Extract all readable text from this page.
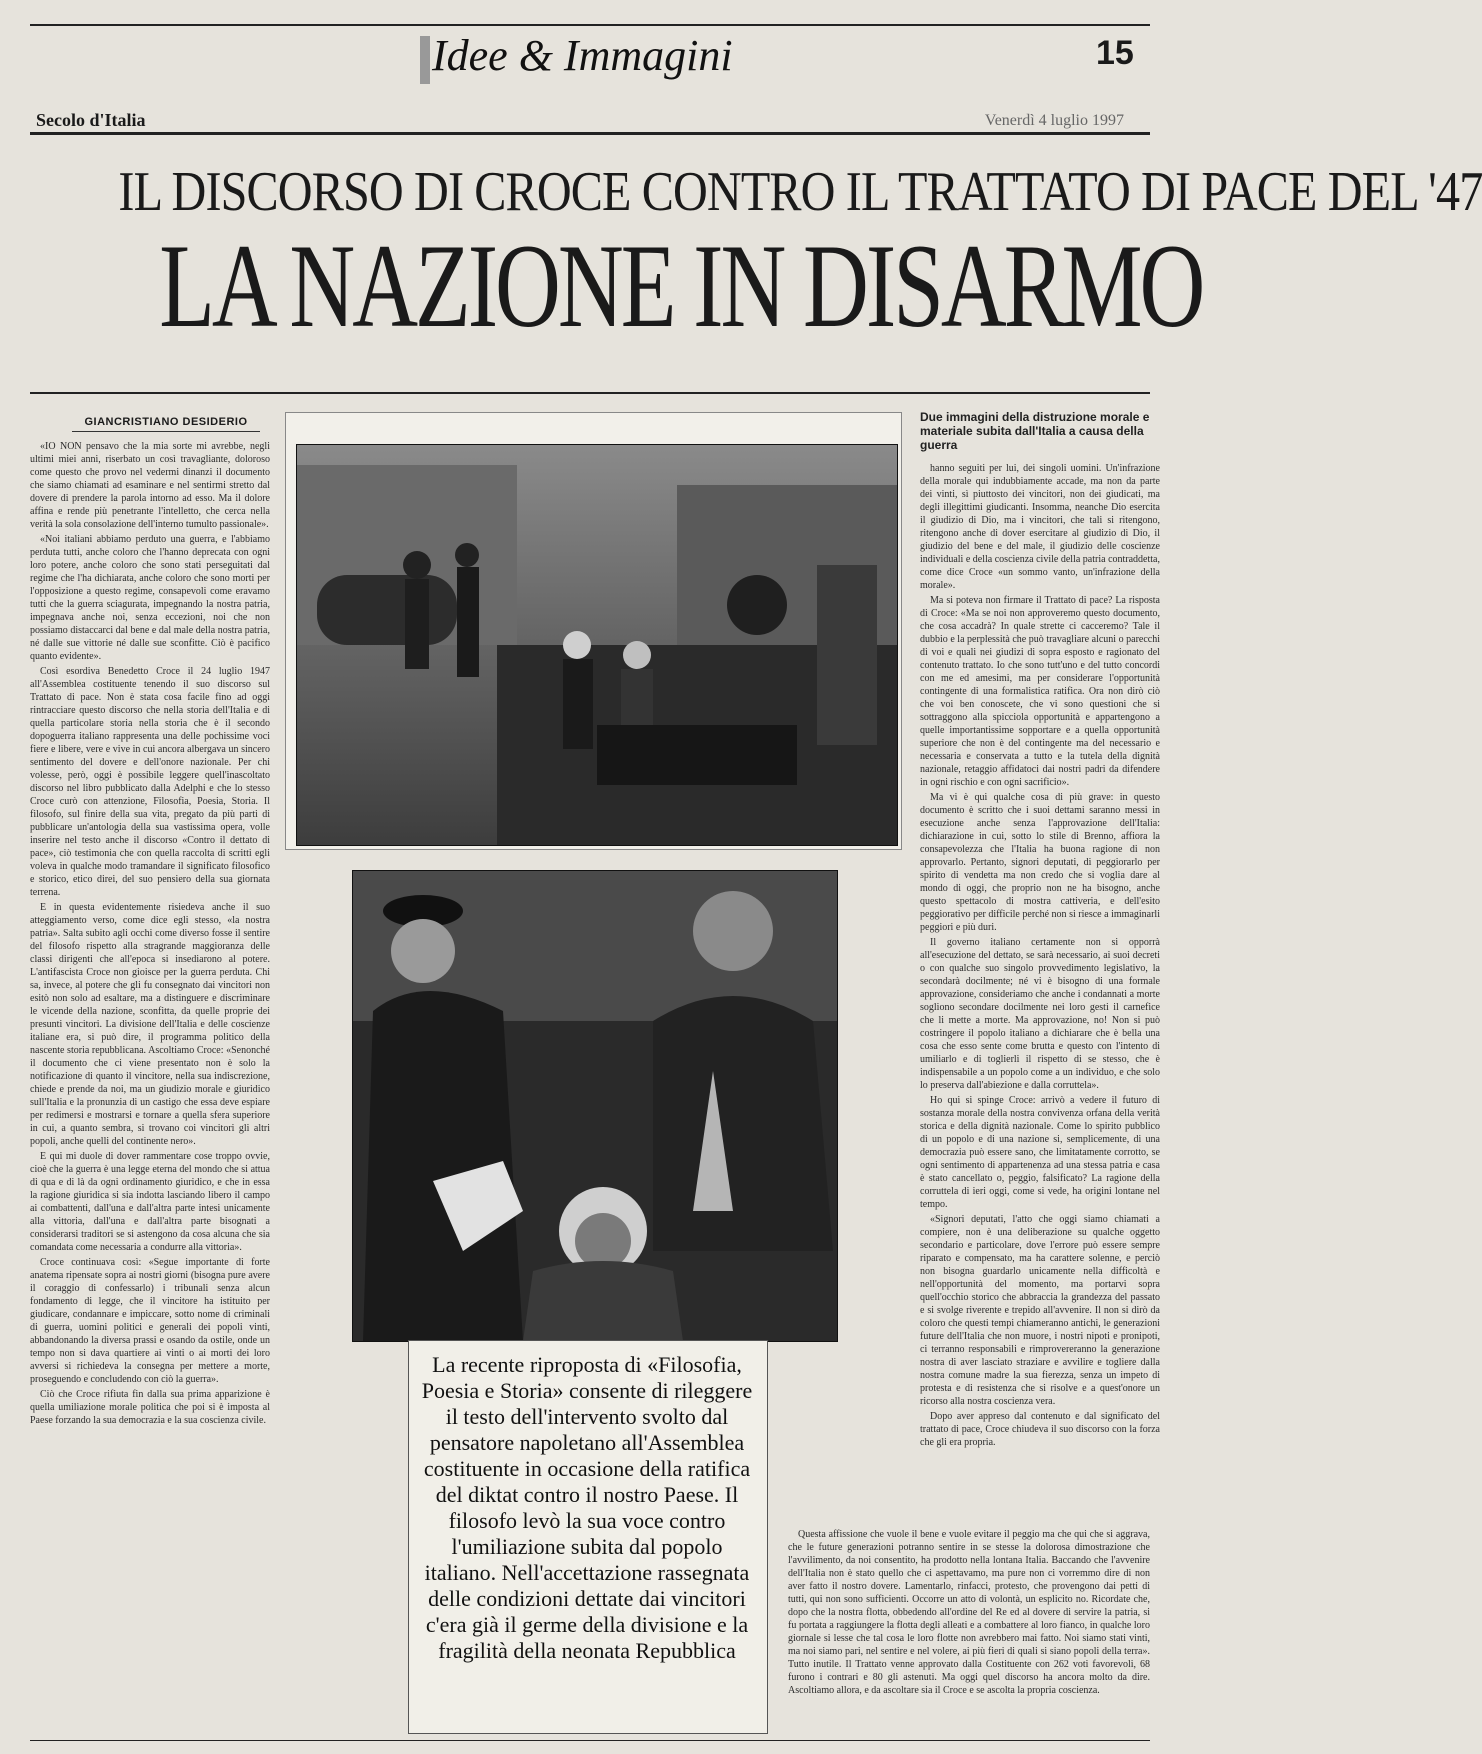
Idee & Immagini	15
Secolo d'Italia	Venerdì 4 luglio 1997
IL DISCORSO DI CROCE CONTRO IL TRATTATO DI PACE DEL '47
LA NAZIONE IN DISARMO
GIANCRISTIANO DESIDERIO

«IO NON pensavo che la mia sorte mi avrebbe, negli ultimi miei anni, riserbato un così travagliante, doloroso come questo che provo nel vedermi dinanzi il documento che siamo chiamati ad esaminare e nel sentirmi stretto dal dovere di prendere la parola intorno ad esso. Ma il dolore affina e rende più penetrante l'intelletto, che cerca nella verità la sola consolazione dell'interno tumulto passionale».

«Noi italiani abbiamo perduto una guerra, e l'abbiamo perduta tutti, anche coloro che l'hanno deprecata con ogni loro potere, anche coloro che sono stati perseguitati dal regime che l'ha dichiarata, anche coloro che sono morti per l'opposizione a questo regime, consapevoli come eravamo tutti che la guerra sciagurata, impegnando la nostra patria, impegnava anche noi, senza eccezioni, noi che non possiamo distaccarci dal bene e dal male della nostra patria, né dalle sue vittorie né dalle sue sconfitte. Ciò è pacifico quanto evidente».

Così esordiva Benedetto Croce il 24 luglio 1947 all'Assemblea costituente tenendo il suo discorso sul Trattato di pace. Non è stata cosa facile fino ad oggi rintracciare questo discorso che nella storia dell'Italia e di quella particolare storia nella storia che è il secondo dopoguerra italiano rappresenta una delle pochissime voci fiere e libere, vere e vive in cui ancora albergava un sincero sentimento del dovere e dell'onore nazionale. Per chi volesse, però, oggi è possibile leggere quell'inascoltato discorso nel libro pubblicato dalla Adelphi e che lo stesso Croce curò con attenzione, Filosofia, Poesia, Storia. Il filosofo, sul finire della sua vita, pregato da più parti di pubblicare un'antologia della sua vastissima opera, volle inserire nel testo anche il discorso «Contro il dettato di pace», ciò testimonia che con quella raccolta di scritti egli voleva in qualche modo tramandare il significato filosofico e storico, etico direi, del suo pensiero della sua giornata terrena.

E in questa evidentemente risiedeva anche il suo atteggiamento verso, come dice egli stesso, «la nostra patria». Salta subito agli occhi come diverso fosse il sentire del filosofo rispetto alla stragrande maggioranza delle classi dirigenti che all'epoca si insediarono al potere. L'antifascista Croce non gioisce per la guerra perduta. Chi sa, invece, al potere che gli fu consegnato dai vincitori non esitò non solo ad esaltare, ma a distinguere e discriminare le vicende della nazione, sconfitta, da quelle proprie dei presunti vincitori. La divisione dell'Italia e delle coscienze italiane era, si può dire, il programma politico della nascente storia repubblicana. Ascoltiamo Croce: «Senonché il documento che ci viene presentato non è solo la notificazione di quanto il vincitore, nella sua indiscrezione, chiede e prende da noi, ma un giudizio morale e giuridico sull'Italia e la pronunzia di un castigo che essa deve espiare per redimersi e mostrarsi e tornare a quella sfera superiore in cui, a quanto sembra, si trovano coi vincitori gli altri popoli, anche quelli del continente nero».

E qui mi duole di dover rammentare cose troppo ovvie, cioè che la guerra è una legge eterna del mondo che si attua di qua e di là da ogni ordinamento giuridico, e che in essa la ragione giuridica si sia indotta lasciando libero il campo ai combattenti, dall'una e dall'altra parte intesi unicamente alla vittoria, dall'una e dall'altra parte bisognati a considerarsi traditori se si astengono da cosa alcuna che sia comandata come necessaria a condurre alla vittoria».

Croce continuava così: «Segue importante di forte anatema ripensate sopra ai nostri giorni (bisogna pure avere il coraggio di confessarlo) i tribunali senza alcun fondamento di legge, che il vincitore ha istituito per giudicare, condannare e impiccare, sotto nome di criminali di guerra, uomini politici e generali dei popoli vinti, abbandonando la diversa prassi e osando da ostile, onde un tempo non si dava quartiere ai vinti o ai morti dei loro avversi si richiedeva la consegna per mettere a morte, proseguendo e concludendo con ciò la guerra».

Ciò che Croce rifiuta fin dalla sua prima apparizione è quella umiliazione morale politica che poi si è imposta al Paese forzando la sua democrazia e la sua coscienza civile.

Due immagini della distruzione morale e materiale subita dall'Italia a causa della guerra

hanno seguiti per lui, dei singoli uomini. Un'infrazione della morale qui indubbiamente accade, ma non da parte dei vinti, sì piuttosto dei vincitori, non dei giudicati, ma degli illegittimi giudicanti. Insomma, neanche Dio esercita il giudizio di Dio, ma i vincitori, che tali si ritengono, ritengono anche di dover esercitare al giudizio di Dio, il giudizio del bene e del male, il giudizio delle coscienze individuali e della coscienza civile della patria contraddetta, come dice Croce «un sommo vanto, un'infrazione della morale».

Ma si poteva non firmare il Trattato di pace? La risposta di Croce: «Ma se noi non approveremo questo documento, che cosa accadrà? In quale strette ci cacceremo? Tale il dubbio e la perplessità che può travagliare alcuni o parecchi di voi e quali nei giudizi di sopra esposto e ragionato del contenuto trattato. Io che sono tutt'uno e del tutto concordi con me ed amesimi, ma per considerare l'opportunità contingente di una formalistica ratifica. Ora non dirò ciò che voi ben conoscete, che vi sono questioni che si sottraggono alla spicciola opportunità e appartengono a quelle importantissime sopportare e a quella opportunità superiore che non è del contingente ma del necessario e necessaria e conservata a tutto e la tutela della dignità nazionale, retaggio affidatoci dai nostri padri da difendere in ogni rischio e con ogni sacrificio».

Ma vi è qui qualche cosa di più grave: in questo documento è scritto che i suoi dettami saranno messi in esecuzione anche senza l'approvazione dell'Italia: dichiarazione in cui, sotto lo stile di Brenno, affiora la consapevolezza che l'Italia ha buona ragione di non approvarlo. Pertanto, signori deputati, di peggiorarlo per spirito di vendetta ma non credo che si voglia dare al mondo di oggi, che proprio non ne ha bisogno, anche questo spettacolo di mostra cattiveria, e dell'esito peggiorativo per difficile perché non si riesce a immaginarli peggiori e più duri.

Il governo italiano certamente non si opporrà all'esecuzione del dettato, se sarà necessario, ai suoi decreti o con qualche suo singolo provvedimento legislativo, la secondarà docilmente; né vi è bisogno di una formale approvazione, consideriamo che anche i condannati a morte sogliono secondare docilmente nei loro gesti il carnefice che li mette a morte. Ma approvazione, no! Non si può costringere il popolo italiano a dichiarare che è bella una cosa che esso sente come brutta e questo con l'intento di umiliarlo e di toglierli il rispetto di se stesso, che è indispensabile a un popolo come a un individuo, e che solo lo preserva dall'abiezione e dalla corruttela».

Ho qui si spinge Croce: arrivò a vedere il futuro di sostanza morale della nostra convivenza orfana della verità storica e della dignità nazionale. Come lo spirito pubblico di un popolo e di una nazione si, semplicemente, di una democrazia può essere sano, che limitatamente corrotto, se ogni sentimento di appartenenza ad una stessa patria e casa è stato cancellato o, peggio, falsificato? La ragione della corruttela di ieri oggi, come si vede, ha origini lontane nel tempo.

«Signori deputati, l'atto che oggi siamo chiamati a compiere, non è una deliberazione su qualche oggetto secondario e particolare, dove l'errore può essere sempre riparato e compensato, ma ha carattere solenne, e perciò non bisogna guardarlo unicamente nella difficoltà e nell'opportunità del momento, ma portarvi sopra quell'occhio storico che abbraccia la grandezza del passato e si svolge riverente e trepido all'avvenire. Il non si dirò da coloro che questi tempi chiameranno antichi, le generazioni future dell'Italia che non muore, i nostri nipoti e pronipoti, ci terranno responsabili e rimprovereranno la generazione nostra di aver lasciato straziare e avvilire e togliere dalla nostra comune madre la sua fierezza, senza un impeto di protesta e di resistenza che si risolve e a quest'onore un ricorso alla nostra coscienza vera.

Dopo aver appreso dal contenuto e dal significato del trattato di pace, Croce chiudeva il suo discorso con la forza che gli era propria.

La recente riproposta di «Filosofia, Poesia e Storia» consente di rileggere il testo dell'intervento svolto dal pensatore napoletano all'Assemblea costituente in occasione della ratifica del diktat contro il nostro Paese. Il filosofo levò la sua voce contro l'umiliazione subita dal popolo italiano. Nell'accettazione rassegnata delle condizioni dettate dai vincitori c'era già il germe della divisione e la fragilità della neonata Repubblica

Questa affissione che vuole il bene e vuole evitare il peggio ma che qui che si aggrava, che le future generazioni potranno sentire in se stesse la dolorosa dimostrazione che l'avvilimento, da noi consentito, ha prodotto nella lontana Italia. Baccando che l'avvenire dell'Italia non è stato quello che ci aspettavamo, ma pure non ci vorremmo dire di non aver fatto il nostro dovere. Lamentarlo, rinfacci, protesto, che provengono dai petti di tutti, qui non sono sufficienti. Occorre un atto di volontà, un esplicito no. Ricordate che, dopo che la nostra flotta, obbedendo all'ordine del Re ed al dovere di servire la patria, si fu portata a raggiungere la flotta degli alleati e a combattere al loro fianco, in qualche loro giornale si lesse che tal cosa le loro flotte non avrebbero mai fatto. Noi siamo stati vinti, ma noi siamo pari, nel sentire e nel volere, ai più fieri di quali si siano popoli della terra». Tutto inutile. Il Trattato venne approvato dalla Costituente con 262 voti favorevoli, 68 furono i contrari e 80 gli astenuti. Ma oggi quel discorso ha ancora molto da dire. Ascoltiamo allora, e da ascoltare sia il Croce e se ascolta la propria coscienza.
